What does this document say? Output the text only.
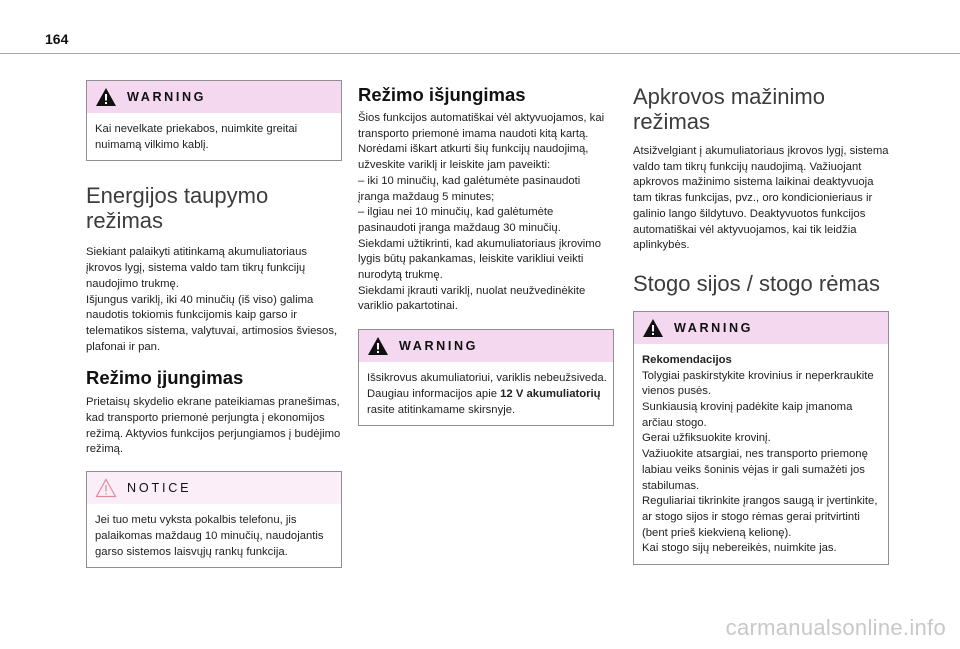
164
WARNING

Kai nevelkate priekabos, nuimkite greitai nuimamą vilkimo kablį.

Energijos taupymo
režimas

Siekiant palaikyti atitinkamą akumuliatoriaus įkrovos lygį, sistema valdo tam tikrų funkcijų naudojimo trukmę.

Išjungus variklį, iki 40 minučių (iš viso) galima naudotis tokiomis funkcijomis kaip garso ir telematikos sistema, valytuvai, artimosios šviesos, plafonai ir pan.

Režimo įjungimas

Prietaisų skydelio ekrane pateikiamas pranešimas, kad transporto priemonė perjungta į ekonomijos režimą. Aktyvios funkcijos perjungiamos į budėjimo režimą.

NOTICE

Jei tuo metu vyksta pokalbis telefonu, jis palaikomas maždaug 10 minučių, naudojantis garso sistemos laisvųjų rankų funkcija.

Režimo išjungimas

Šios funkcijos automatiškai vėl aktyvuojamos, kai transporto priemonė imama naudoti kitą kartą.

Norėdami iškart atkurti šių funkcijų naudojimą, užveskite variklį ir leiskite jam paveikti:

– iki 10 minučių, kad galėtumėte pasinaudoti įranga maždaug 5 minutes;

– ilgiau nei 10 minučių, kad galėtumėte pasinaudoti įranga maždaug 30 minučių.

Siekdami užtikrinti, kad akumuliatoriaus įkrovimo lygis būtų pakankamas, leiskite varikliui veikti nurodytą trukmę.

Siekdami įkrauti variklį, nuolat neužvedinėkite variklio pakartotinai.

WARNING

Išsikrovus akumuliatoriui, variklis nebeužsiveda.

Daugiau informacijos apie 12 V akumuliatorių rasite atitinkamame skirsnyje.

Apkrovos mažinimo
režimas

Atsižvelgiant į akumuliatoriaus įkrovos lygį, sistema valdo tam tikrų funkcijų naudojimą. Važiuojant apkrovos mažinimo sistema laikinai deaktyvuoja tam tikras funkcijas, pvz., oro kondicionieriaus ir galinio lango šildytuvo. Deaktyvuotos funkcijos automatiškai vėl aktyvuojamos, kai tik leidžia aplinkybės.

Stogo sijos / stogo rėmas
WARNING

Rekomendacijos

Tolygiai paskirstykite krovinius ir neperkraukite vienos pusės.

Sunkiausią krovinį padėkite kaip įmanoma arčiau stogo.

Gerai užfiksuokite krovinį.

Važiuokite atsargiai, nes transporto priemonę labiau veiks šoninis vėjas ir gali sumažėti jos stabilumas.

Reguliariai tikrinkite įrangos saugą ir įvertinkite, ar stogo sijos ir stogo rėmas gerai pritvirtinti (bent prieš kiekvieną kelionę).

Kai stogo sijų nebereikės, nuimkite jas.

carmanualsonline.info
